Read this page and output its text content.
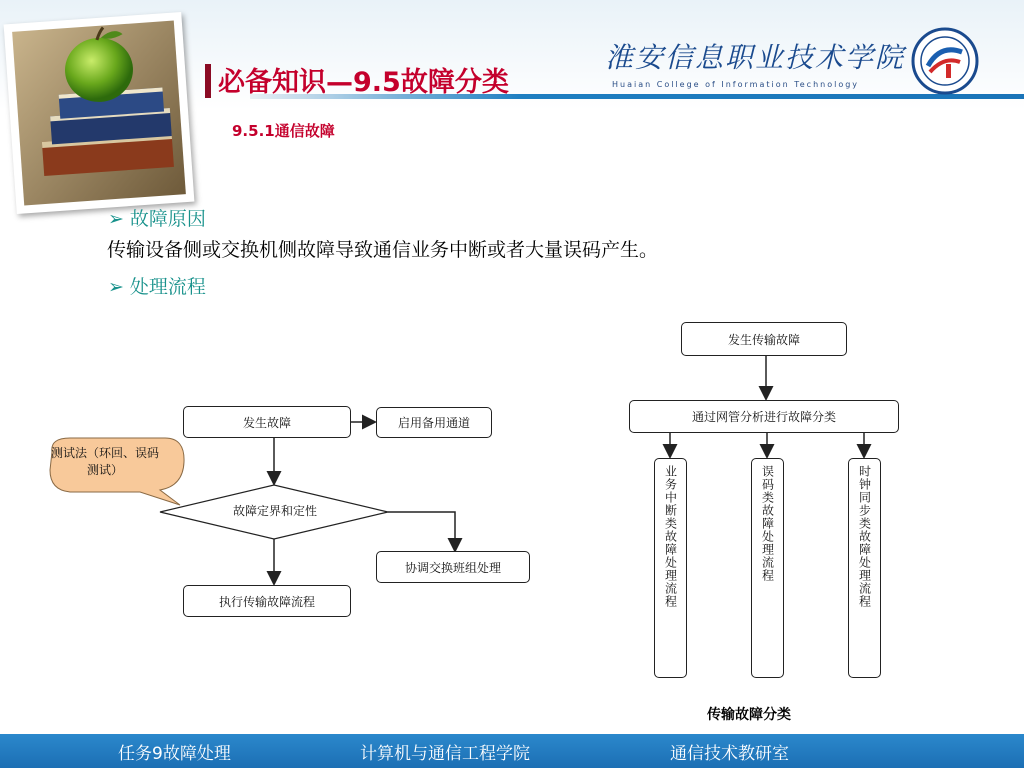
必备知识—9.5故障分类
9.5.1通信故障
淮安信息职业技术学院
Huaian College of Information Technology
➢ 故障原因
传输设备侧或交换机侧故障导致通信业务中断或者大量误码产生。
➢ 处理流程
测试法（环回、误码测试）
发生故障	启用备用通道
故障定界和定性
协调交换班组处理
执行传输故障流程
发生传输故障
通过网管分析进行故障分类
业务中断类故障处理流程	误码类故障处理流程	时钟同步类故障处理流程
传输故障分类
任务9故障处理	计算机与通信工程学院	通信技术教研室
